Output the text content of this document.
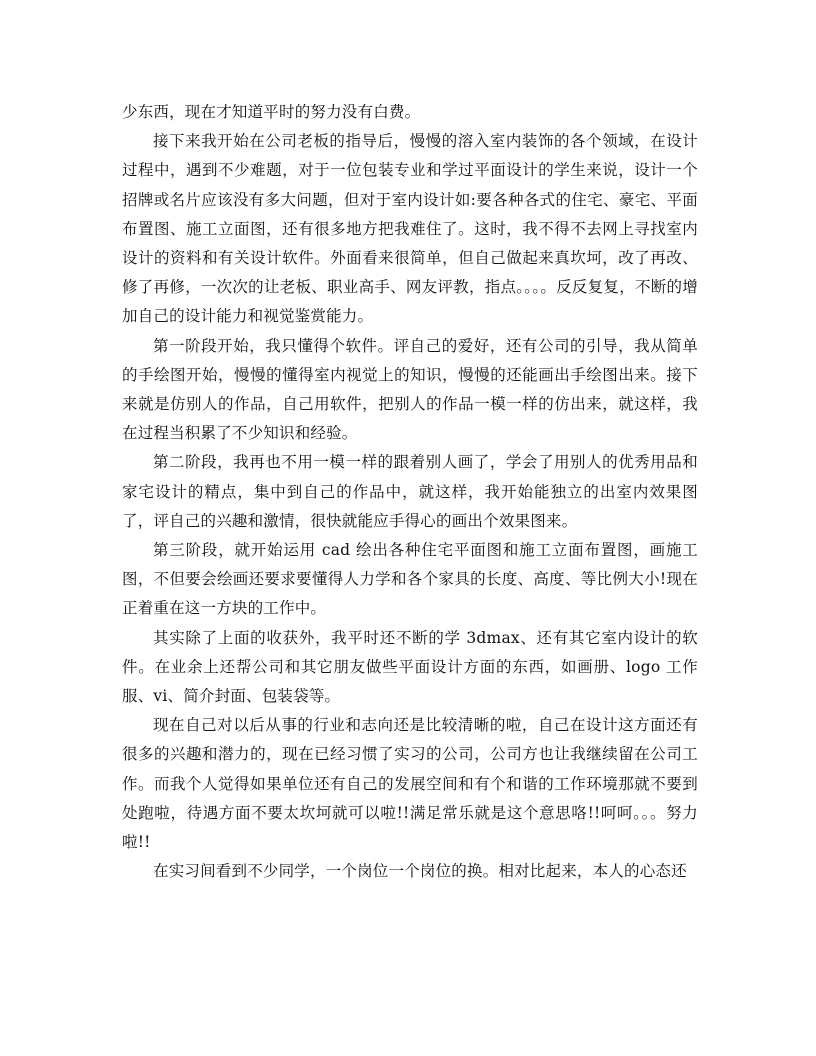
少东西，现在才知道平时的努力没有白费。
接下来我开始在公司老板的指导后，慢慢的溶入室内装饰的各个领域，在设计过程中，遇到不少难题，对于一位包装专业和学过平面设计的学生来说，设计一个招牌或名片应该没有多大问题，但对于室内设计如:要各种各式的住宅、豪宅、平面布置图、施工立面图，还有很多地方把我难住了。这时，我不得不去网上寻找室内设计的资料和有关设计软件。外面看来很简单，但自己做起来真坎坷，改了再改、修了再修，一次次的让老板、职业高手、网友评教，指点。。。。反反复复，不断的增加自己的设计能力和视觉鉴赏能力。
第一阶段开始，我只懂得个软件。评自己的爱好，还有公司的引导，我从简单的手绘图开始，慢慢的懂得室内视觉上的知识，慢慢的还能画出手绘图出来。接下来就是仿别人的作品，自己用软件，把别人的作品一模一样的仿出来，就这样，我在过程当积累了不少知识和经验。
第二阶段，我再也不用一模一样的跟着别人画了，学会了用别人的优秀用品和家宅设计的精点，集中到自己的作品中，就这样，我开始能独立的出室内效果图了，评自己的兴趣和激情，很快就能应手得心的画出个效果图来。
第三阶段，就开始运用 cad 绘出各种住宅平面图和施工立面布置图，画施工图，不但要会绘画还要求要懂得人力学和各个家具的长度、高度、等比例大小!现在正着重在这一方块的工作中。
其实除了上面的收获外，我平时还不断的学 3dmax、还有其它室内设计的软件。在业余上还帮公司和其它朋友做些平面设计方面的东西，如画册、logo 工作服、vi、简介封面、包装袋等。
现在自己对以后从事的行业和志向还是比较清晰的啦，自己在设计这方面还有很多的兴趣和潜力的，现在已经习惯了实习的公司，公司方也让我继续留在公司工作。而我个人觉得如果单位还有自己的发展空间和有个和谐的工作环境那就不要到处跑啦，待遇方面不要太坎坷就可以啦!!满足常乐就是这个意思咯!!呵呵。。。努力啦!!
在实习间看到不少同学，一个岗位一个岗位的换。相对比起来，本人的心态还
